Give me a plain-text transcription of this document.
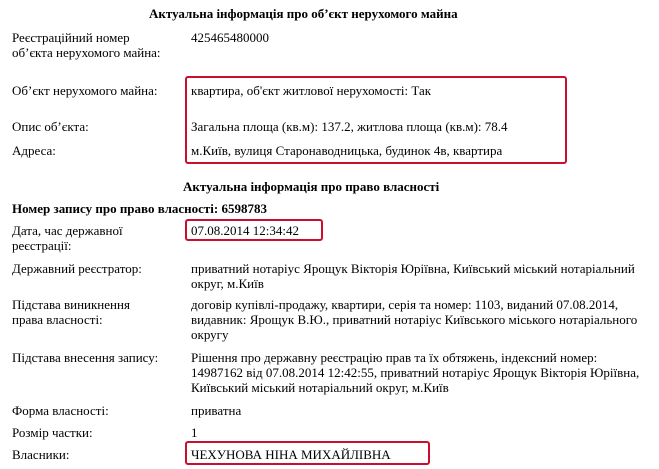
Актуальна інформація про об’єкт нерухомого майна
Реєстраційний номер об’єкта нерухомого майна:
425465480000
Об’єкт нерухомого майна:	квартира, об'єкт житлової нерухомості: Так
Опис об’єкта:	Загальна площа (кв.м): 137.2, житлова площа (кв.м): 78.4
Адреса:	м.Київ, вулиця Старонаводницька, будинок 4в, квартира
Актуальна інформація про право власності
Номер запису про право власності: 6598783
Дата, час державної реєстрації:
07.08.2014 12:34:42
Державний реєстратор:	приватний нотаріус Ярощук Вікторія Юріївна, Київський міський нотаріальний округ, м.Київ
Підстава виникнення права власності:
договір купівлі-продажу, квартири, серія та номер: 1103, виданий 07.08.2014, видавник: Ярощук В.Ю., приватний нотаріус Київського міського нотаріального округу
Підстава внесення запису:	Рішення про державну реєстрацію прав та їх обтяжень, індексний номер: 14987162 від 07.08.2014 12:42:55, приватний нотаріус Ярощук Вікторія Юріївна, Київський міський нотаріальний округ, м.Київ
Форма власності:	приватна
Розмір частки:	1
Власники:	ЧЕХУНОВА НІНА МИХАЙЛІВНА
